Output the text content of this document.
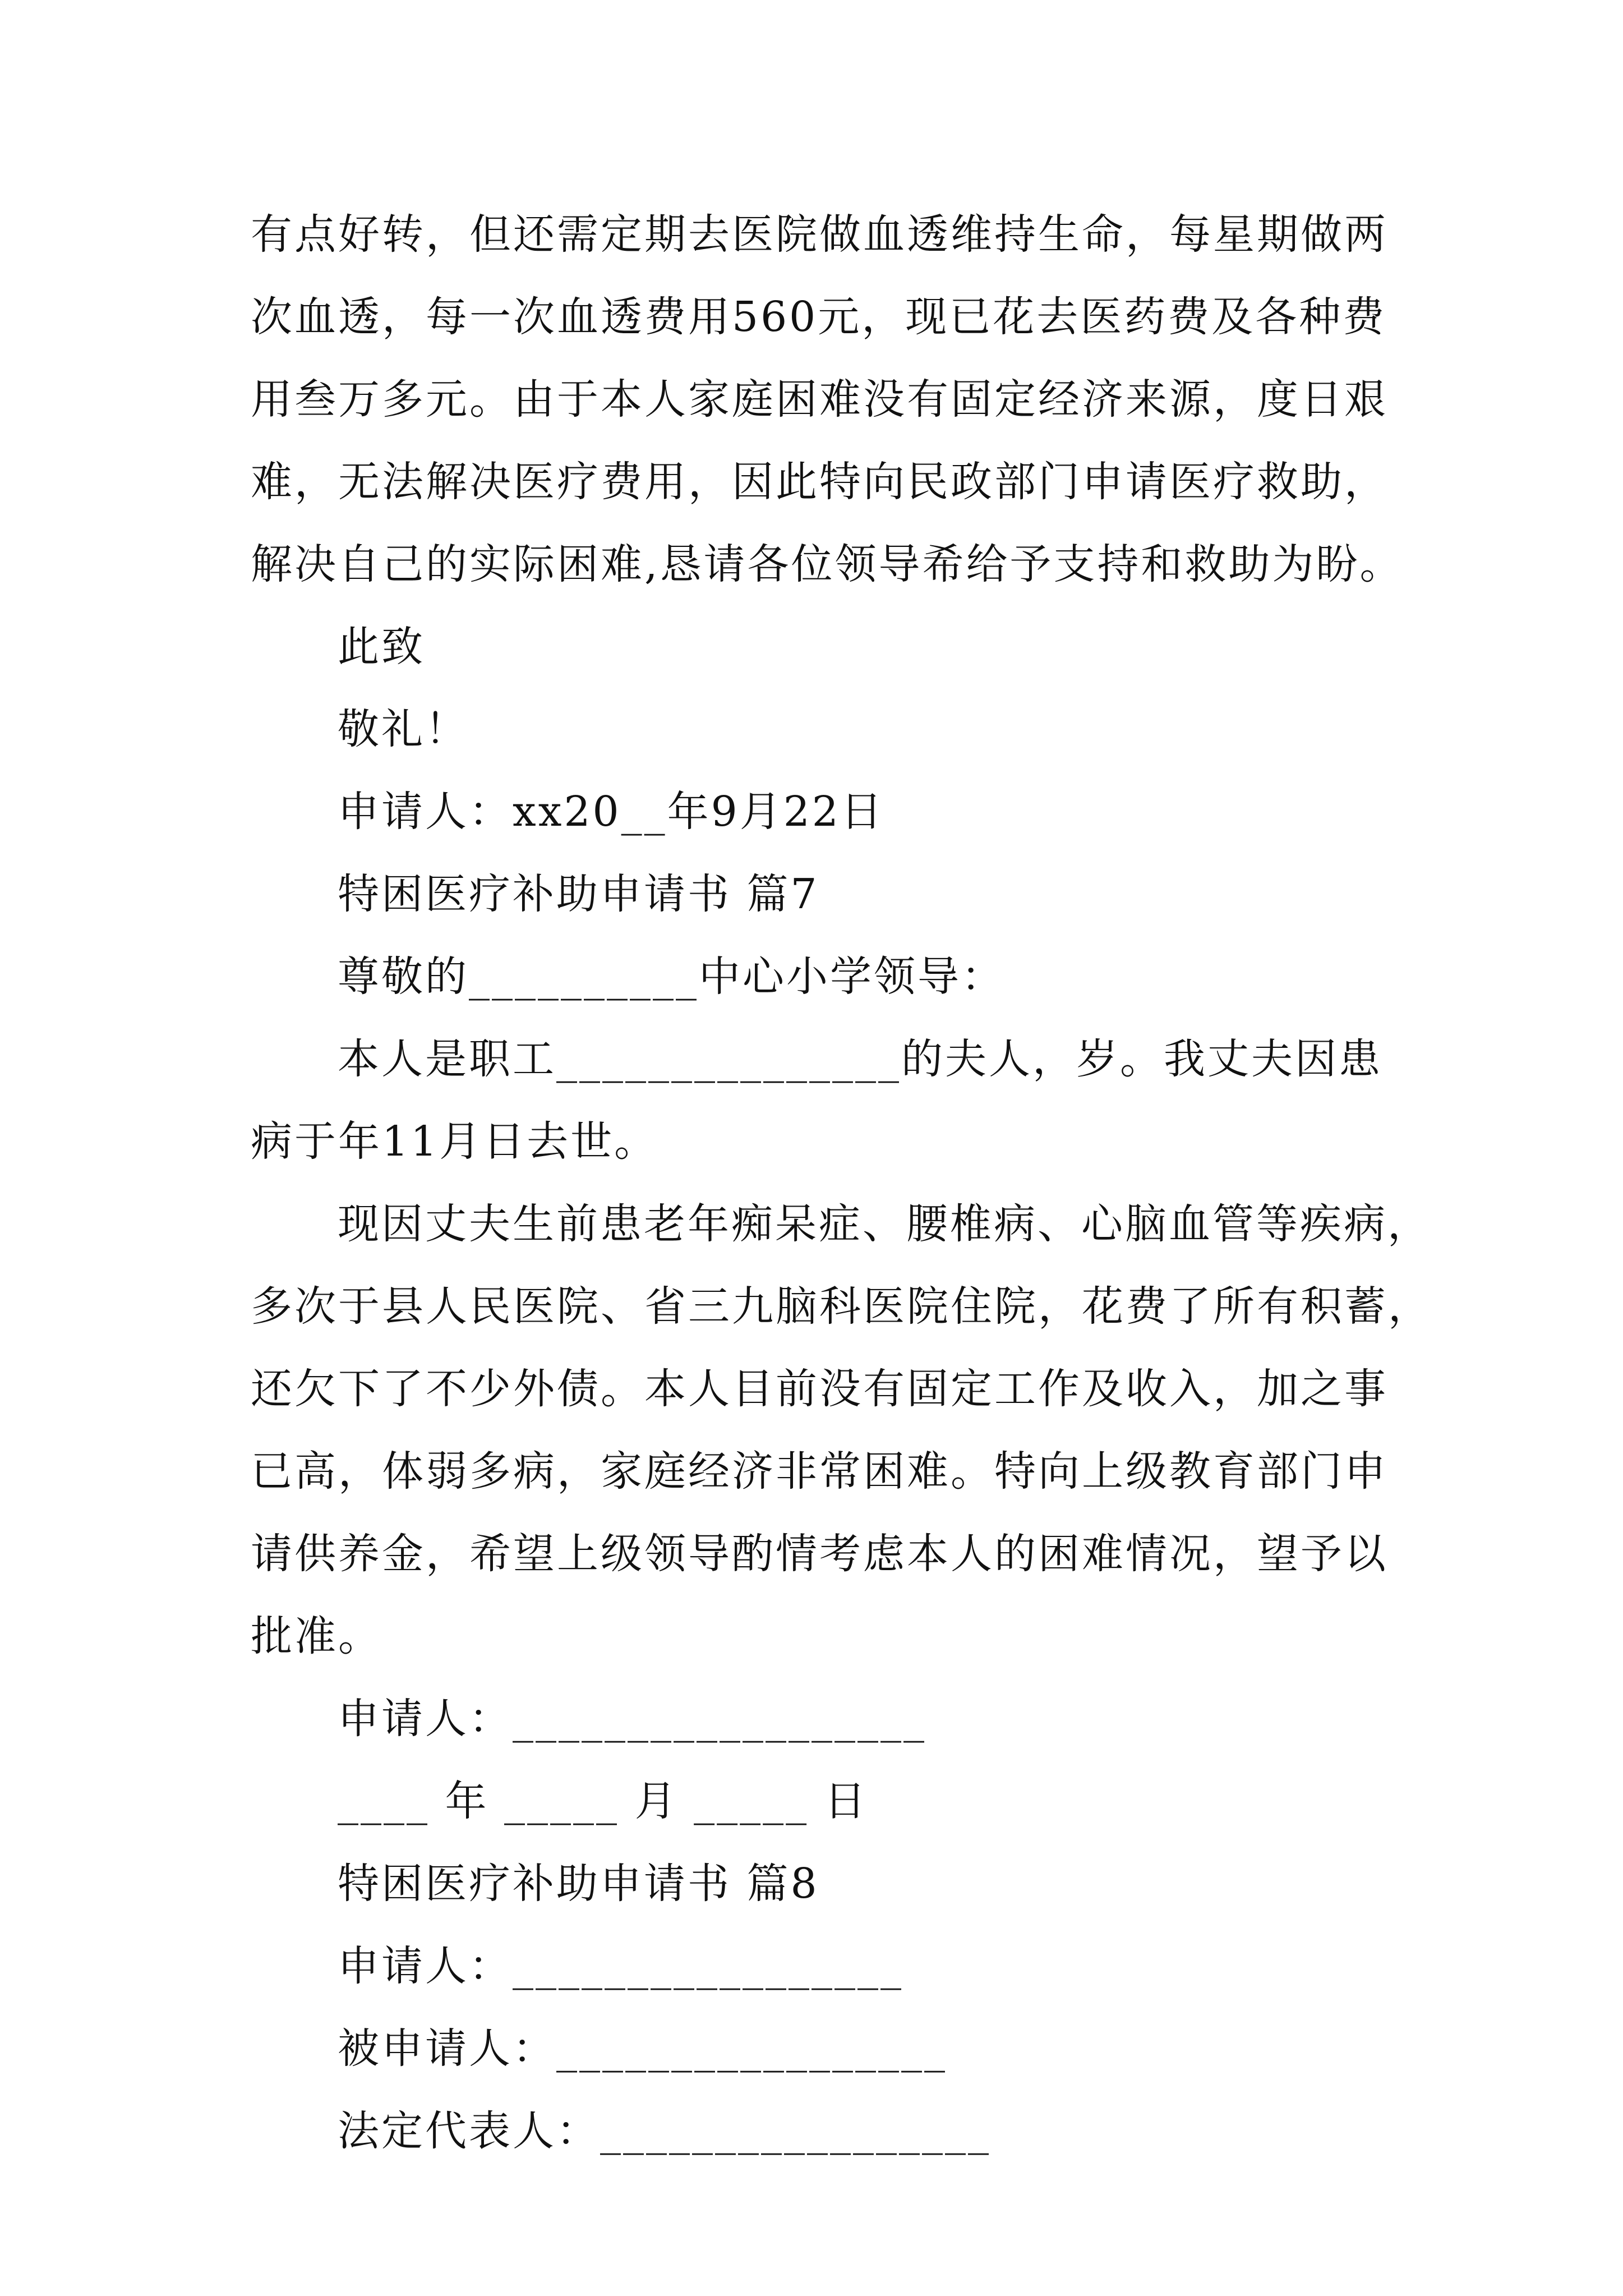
有点好转，但还需定期去医院做血透维持生命，每星期做两
次血透，每一次血透费用560元，现已花去医药费及各种费
用叁万多元。由于本人家庭困难没有固定经济来源，度日艰
难，无法解决医疗费用，因此特向民政部门申请医疗救助，
解决自己的实际困难,恳请各位领导希给予支持和救助为盼。
此致
敬礼！
申请人：xx20__年9月22日
特困医疗补助申请书 篇7
尊敬的__________中心小学领导：
本人是职工_______________的夫人，岁。我丈夫因患
病于年11月日去世。
现因丈夫生前患老年痴呆症、腰椎病、心脑血管等疾病，
多次于县人民医院、省三九脑科医院住院，花费了所有积蓄，
还欠下了不少外债。本人目前没有固定工作及收入，加之事
已高，体弱多病，家庭经济非常困难。特向上级教育部门申
请供养金，希望上级领导酌情考虑本人的困难情况，望予以
批准。
申请人：__________________
____ 年 _____ 月 _____ 日
特困医疗补助申请书 篇8
申请人：_________________
被申请人：_________________
法定代表人：_________________
